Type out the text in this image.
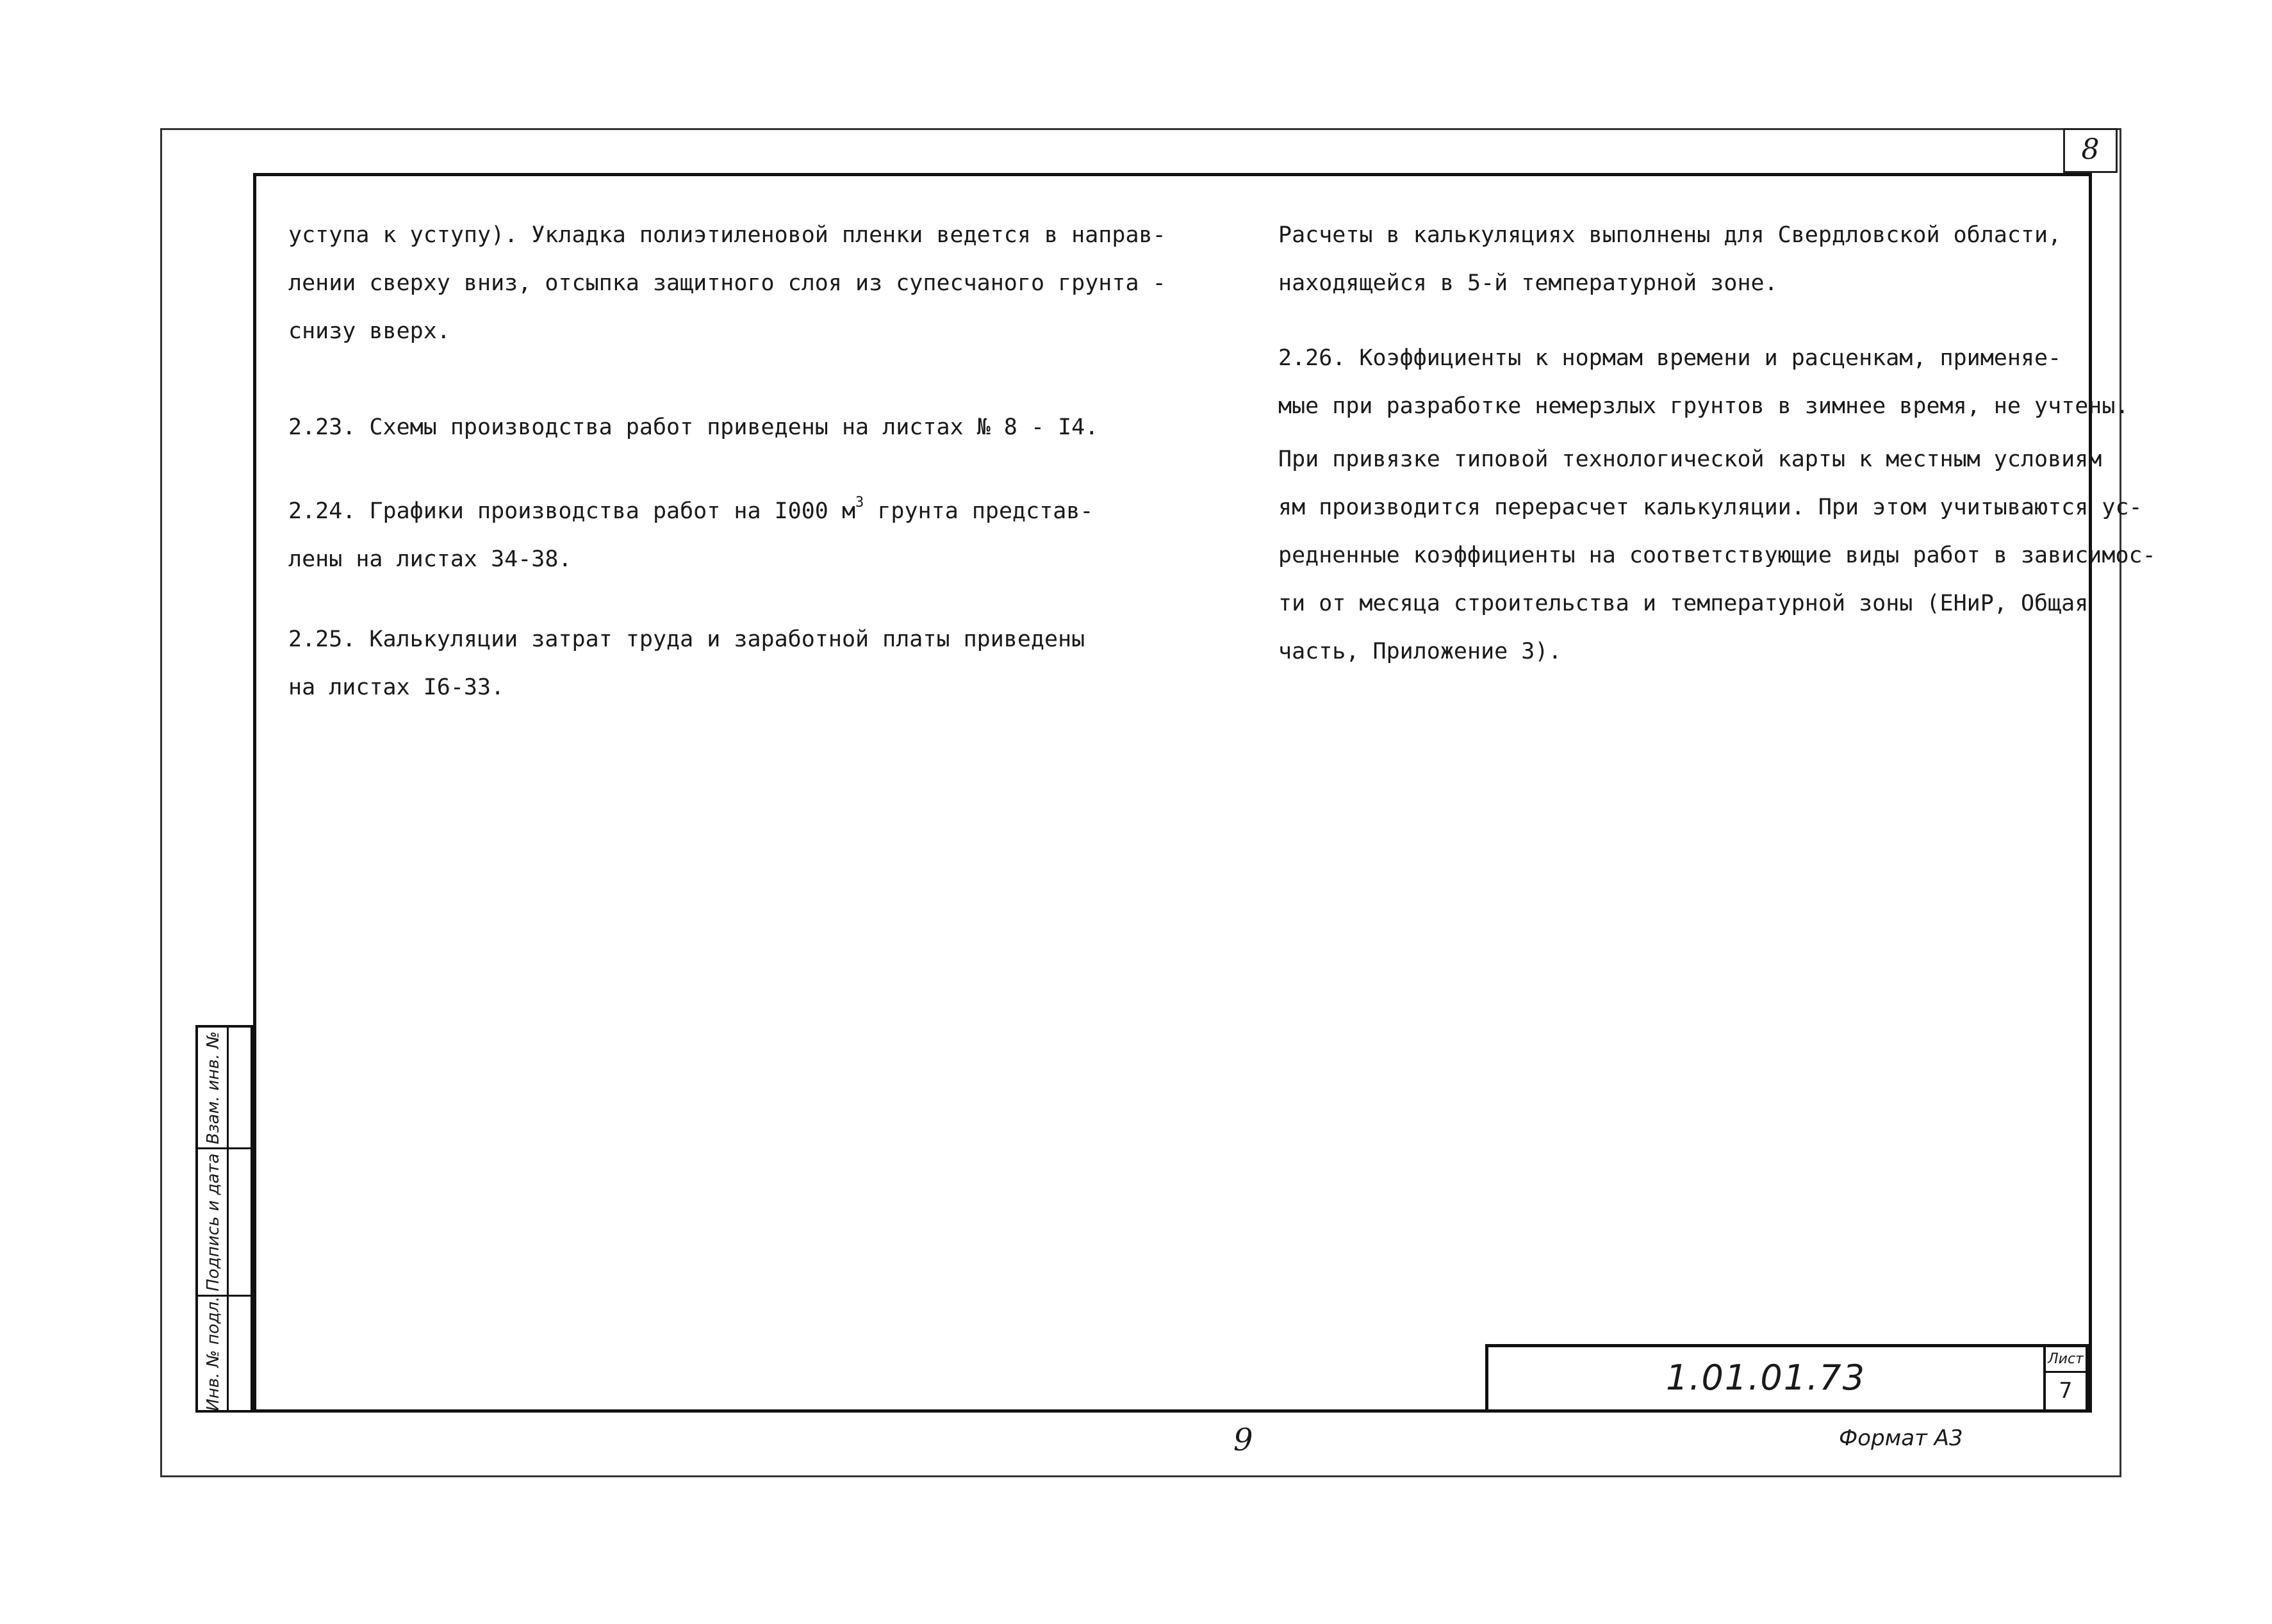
8

уступа к уступу). Укладка полиэтиленовой пленки ведется в направ-

лении сверху вниз, отсыпка защитного слоя из супесчаного грунта -

снизу вверх.

2.23. Схемы производства работ приведены на листах № 8 - I4.

2.24. Графики производства работ на I000 $м^3$ грунта представ-

лены на листах 34-38.

2.25. Калькуляции затрат труда и заработной платы приведены

на листах I6-33.

Расчеты в калькуляциях выполнены для Свердловской области,

находящейся в 5-й температурной зоне.

2.26. Коэффициенты к нормам времени и расценкам, применяе-

мые при разработке немерзлых грунтов в зимнее время, не учтены.

При привязке типовой технологической карты к местным условиям

ям производится перерасчет калькуляции. При этом учитываются ус-

редненные коэффициенты на соответствующие виды работ в зависимос-

ти от месяца строительства и температурной зоны (ЕНиР, Общая

часть, Приложение 3).

Взам. инв. №
Подпись и дата
Инв. № подл.	1.01.01.73	Лист
7
9	Формат А3
